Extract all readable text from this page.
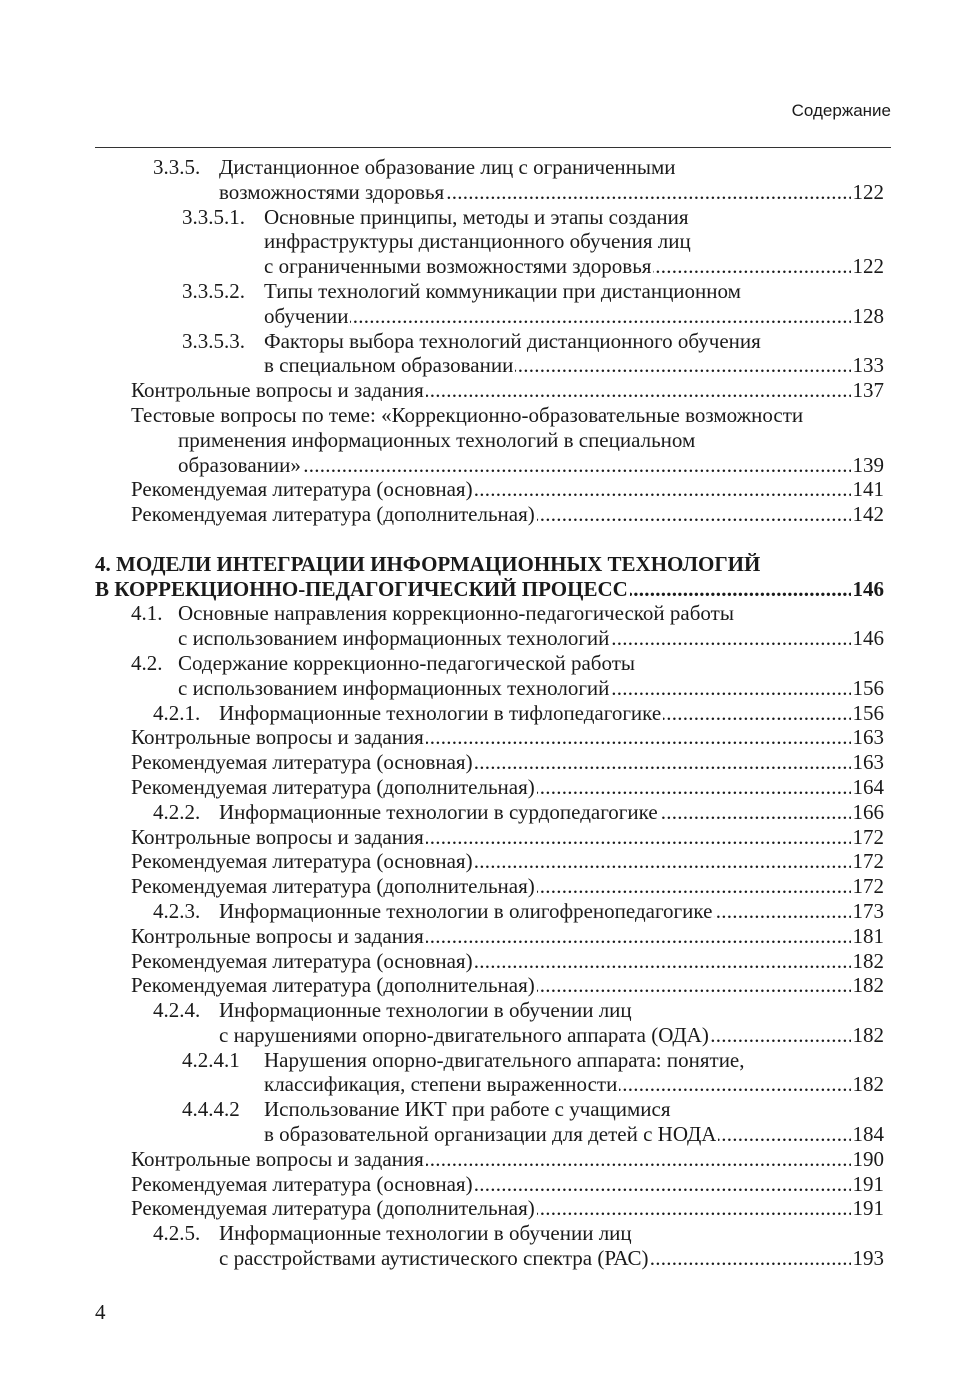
Содержание
3.3.5. Дистанционное образование лиц с ограниченными
возможностями здоровья . . .	122
3.3.5.1. Основные принципы, методы и этапы создания
инфраструктуры дистанционного обучения лиц
с ограниченными возможностями здоровья . . .	122
3.3.5.2. Типы технологий коммуникации при дистанционном
обучении . . .	128
3.3.5.3. Факторы выбора технологий дистанционного обучения
в специальном образовании . . .	133
Контрольные вопросы и задания . . .	137
Тестовые вопросы по теме: «Коррекционно-образовательные возможности
применения информационных технологий в специальном
образовании» . . .	139
Рекомендуемая литература (основная) . . .	141
Рекомендуемая литература (дополнительная) . . .	142
4. МОДЕЛИ ИНТЕГРАЦИИ ИНФОРМАЦИОННЫХ ТЕХНОЛОГИЙ
В КОРРЕКЦИОННО-ПЕДАГОГИЧЕСКИЙ ПРОЦЕСС . . .	146
4.1. Основные направления коррекционно-педагогической работы
с использованием информационных технологий . . .	146
4.2. Содержание коррекционно-педагогической работы
с использованием информационных технологий . . .	156
4.2.1. Информационные технологии в тифлопедагогике . . .	156
Контрольные вопросы и задания . . .	163
Рекомендуемая литература (основная) . . .	163
Рекомендуемая литература (дополнительная) . . .	164
4.2.2. Информационные технологии в сурдопедагогике . . .	166
Контрольные вопросы и задания . . .	172
Рекомендуемая литература (основная) . . .	172
Рекомендуемая литература (дополнительная) . . .	172
4.2.3. Информационные технологии в олигофренопедагогике . . .	173
Контрольные вопросы и задания . . .	181
Рекомендуемая литература (основная) . . .	182
Рекомендуемая литература (дополнительная) . . .	182
4.2.4. Информационные технологии в обучении лиц
с нарушениями опорно-двигательного аппарата (ОДА) . . .	182
4.2.4.1 Нарушения опорно-двигательного аппарата: понятие,
классификация, степени выраженности . . .	182
4.4.4.2 Использование ИКТ при работе с учащимися
в образовательной организации для детей с НОДА . . .	184
Контрольные вопросы и задания . . .	190
Рекомендуемая литература (основная) . . .	191
Рекомендуемая литература (дополнительная) . . .	191
4.2.5. Информационные технологии в обучении лиц
с расстройствами аутистического спектра (РАС) . . .	193
4
